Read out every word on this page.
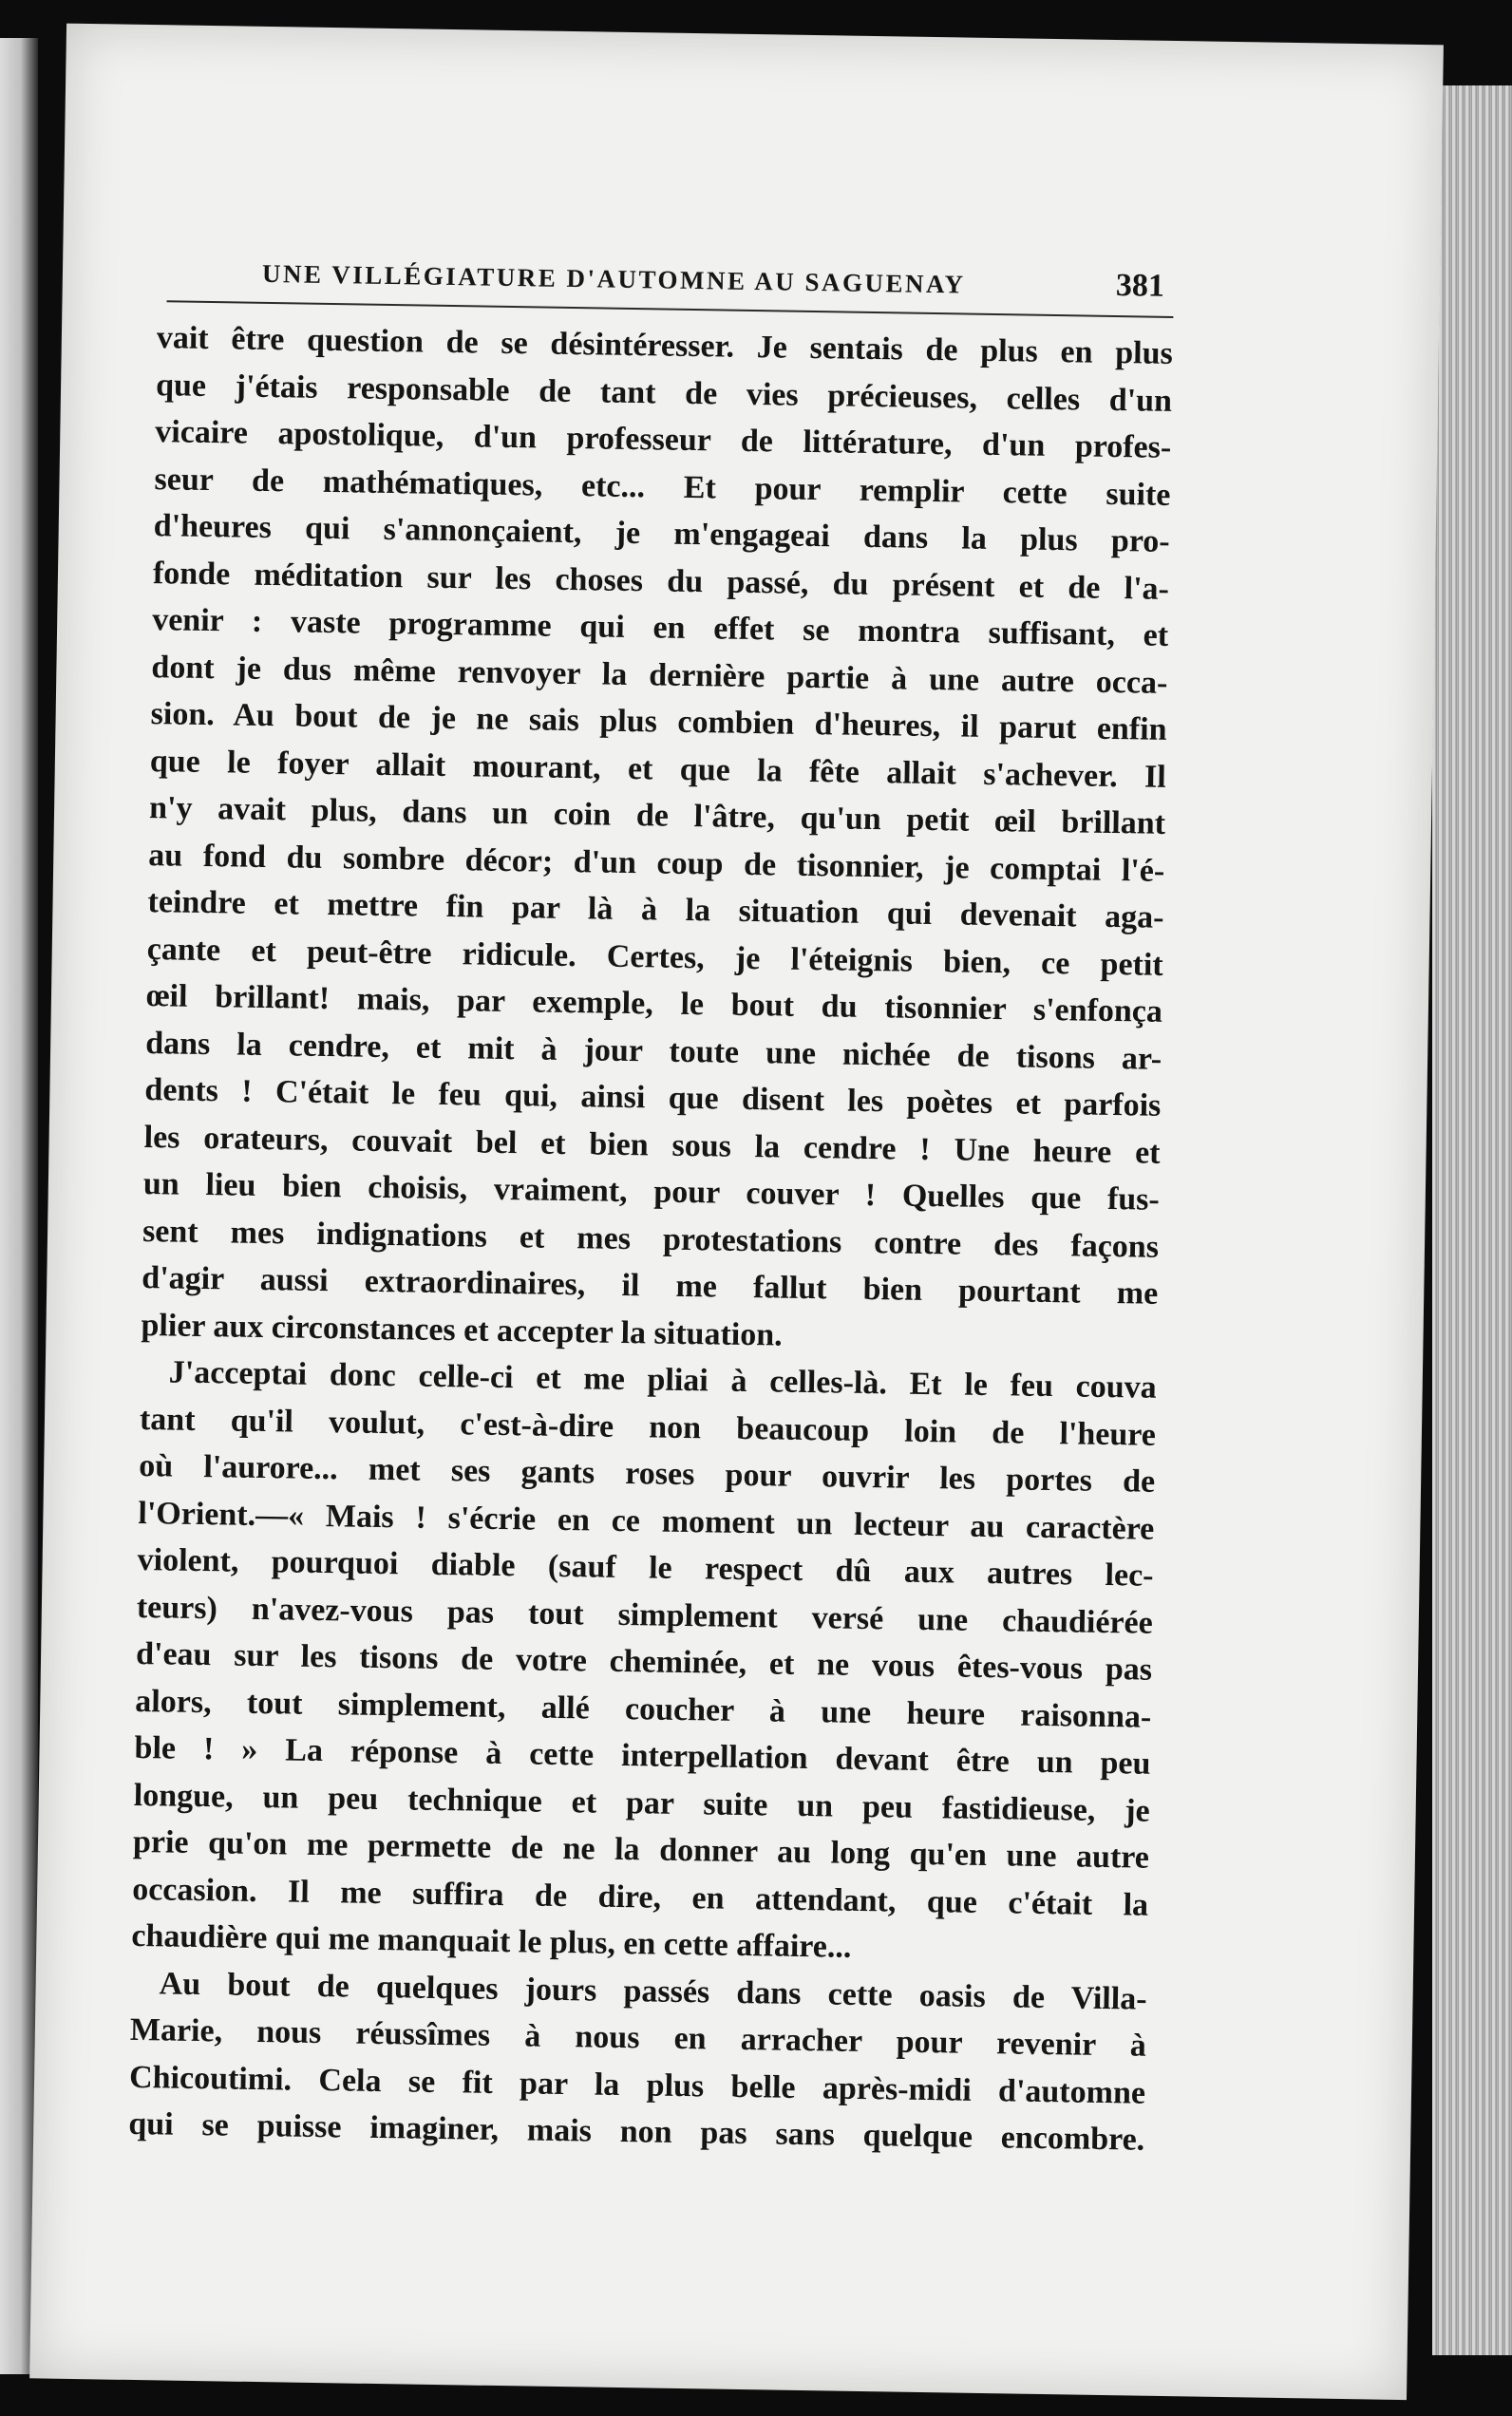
UNE VILLÉGIATURE D'AUTOMNE AU SAGUENAY	381
vait être question de se désintéresser. Je sentais de plus en plus
que j'étais responsable de tant de vies précieuses, celles d'un
vicaire apostolique, d'un professeur de littérature, d'un profes-
seur de mathématiques, etc... Et pour remplir cette suite
d'heures qui s'annonçaient, je m'engageai dans la plus pro-
fonde méditation sur les choses du passé, du présent et de l'a-
venir : vaste programme qui en effet se montra suffisant, et
dont je dus même renvoyer la dernière partie à une autre occa-
sion. Au bout de je ne sais plus combien d'heures, il parut enfin
que le foyer allait mourant, et que la fête allait s'achever. Il
n'y avait plus, dans un coin de l'âtre, qu'un petit œil brillant
au fond du sombre décor; d'un coup de tisonnier, je comptai l'é-
teindre et mettre fin par là à la situation qui devenait aga-
çante et peut-être ridicule. Certes, je l'éteignis bien, ce petit
œil brillant! mais, par exemple, le bout du tisonnier s'enfonça
dans la cendre, et mit à jour toute une nichée de tisons ar-
dents ! C'était le feu qui, ainsi que disent les poètes et parfois
les orateurs, couvait bel et bien sous la cendre ! Une heure et
un lieu bien choisis, vraiment, pour couver ! Quelles que fus-
sent mes indignations et mes protestations contre des façons
d'agir aussi extraordinaires, il me fallut bien pourtant me
plier aux circonstances et accepter la situation.
J'acceptai donc celle-ci et me pliai à celles-là. Et le feu couva
tant qu'il voulut, c'est-à-dire non beaucoup loin de l'heure
où l'aurore... met ses gants roses pour ouvrir les portes de
l'Orient.—« Mais ! s'écrie en ce moment un lecteur au caractère
violent, pourquoi diable (sauf le respect dû aux autres lec-
teurs) n'avez-vous pas tout simplement versé une chaudiérée
d'eau sur les tisons de votre cheminée, et ne vous êtes-vous pas
alors, tout simplement, allé coucher à une heure raisonna-
ble ! » La réponse à cette interpellation devant être un peu
longue, un peu technique et par suite un peu fastidieuse, je
prie qu'on me permette de ne la donner au long qu'en une autre
occasion. Il me suffira de dire, en attendant, que c'était la
chaudière qui me manquait le plus, en cette affaire...
Au bout de quelques jours passés dans cette oasis de Villa-
Marie, nous réussîmes à nous en arracher pour revenir à
Chicoutimi. Cela se fit par la plus belle après-midi d'automne
qui se puisse imaginer, mais non pas sans quelque encombre.
